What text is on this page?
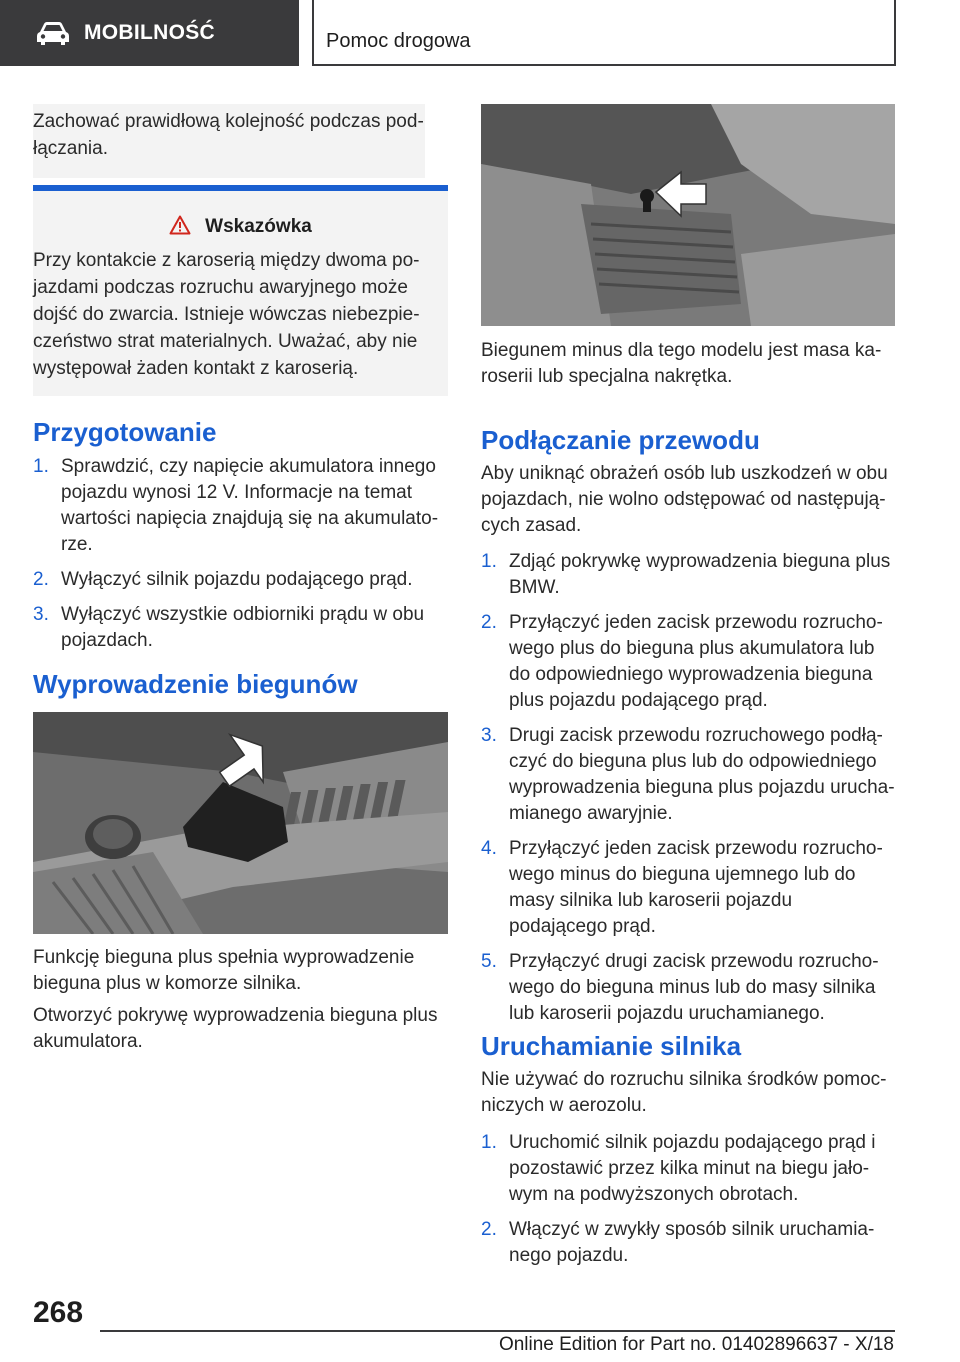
MOBILNOŚĆ	Pomoc drogowa

Zachować prawidłową kolejność podczas podłączania.

Wskazówka

Przy kontakcie z karoserią między dwoma pojazdami podczas rozruchu awaryjnego może dojść do zwarcia. Istnieje wówczas niebezpieczeństwo strat materialnych. Uważać, aby nie występował żaden kontakt z karoserią.

Przygotowanie
1. Sprawdzić, czy napięcie akumulatora innego pojazdu wynosi 12 V. Informacje na temat wartości napięcia znajdują się na akumulatorze.
2. Wyłączyć silnik pojazdu podającego prąd.
3. Wyłączyć wszystkie odbiorniki prądu w obu pojazdach.
Wyprowadzenie biegunów

Funkcję bieguna plus spełnia wyprowadzenie bieguna plus w komorze silnika.

Otworzyć pokrywę wyprowadzenia bieguna plus akumulatora.

Biegunem minus dla tego modelu jest masa karoserii lub specjalna nakrętka.

Podłączanie przewodu

Aby uniknąć obrażeń osób lub uszkodzeń w obu pojazdach, nie wolno odstępować od następujących zasad.

1. Zdjąć pokrywkę wyprowadzenia bieguna plus BMW.
2. Przyłączyć jeden zacisk przewodu rozruchowego plus do bieguna plus akumulatora lub do odpowiedniego wyprowadzenia bieguna plus pojazdu podającego prąd.
3. Drugi zacisk przewodu rozruchowego podłączyć do bieguna plus lub do odpowiedniego wyprowadzenia bieguna plus pojazdu uruchamianego awaryjnie.
4. Przyłączyć jeden zacisk przewodu rozruchowego minus do bieguna ujemnego lub do masy silnika lub karoserii pojazdu podającego prąd.
5. Przyłączyć drugi zacisk przewodu rozruchowego do bieguna minus lub do masy silnika lub karoserii pojazdu uruchamianego.
Uruchamianie silnika

Nie używać do rozruchu silnika środków pomocniczych w aerozolu.

1. Uruchomić silnik pojazdu podającego prąd i pozostawić przez kilka minut na biegu jałowym na podwyższonych obrotach.
2. Włączyć w zwykły sposób silnik uruchamianego pojazdu.
268
Online Edition for Part no. 01402896637 - X/18
